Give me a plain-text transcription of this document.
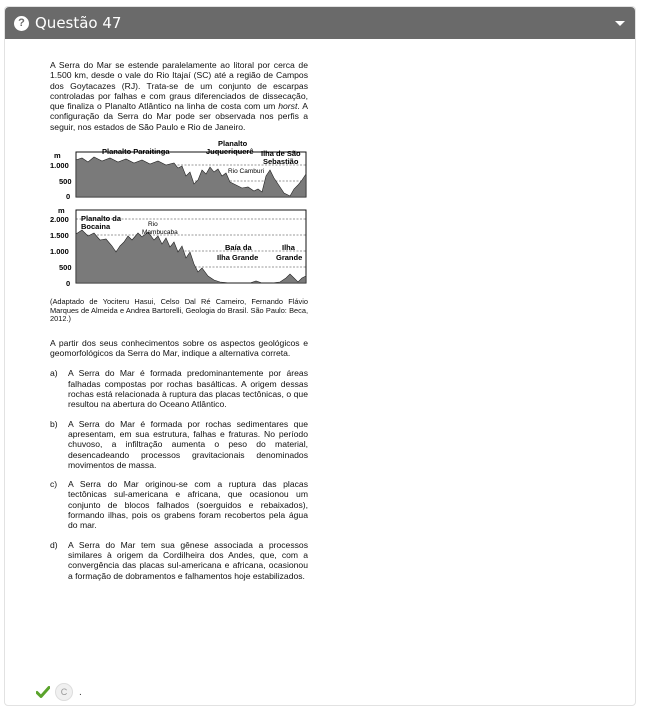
? Questão 47

A Serra do Mar se estende paralelamente ao litoral por cerca de 1.500 km, desde o vale do Rio Itajaí (SC) até a região de Campos dos Goytacazes (RJ). Trata-se de um conjunto de escarpas controladas por falhas e com graus diferenciados de dissecação, que finaliza o Planalto Atlântico na linha de costa com um horst. A configuração da Serra do Mar pode ser observada nos perfis a seguir, nos estados de São Paulo e Rio de Janeiro.

m
1.000
500
0
Planalto Paraitinga
Planalto
Juqueriquerê Ilha de São
Sebastião
Rio Camburi
m
2.000
1.500
1.000
500
0
Planalto da
Bocaina	Rio
Mambucaba
Baía da
Ilha Grande
Ilha
Grande

(Adaptado de Yociteru Hasui, Celso Dal Ré Carneiro, Fernando Flávio Marques de Almeida e Andrea Bartorelli, Geologia do Brasil. São Paulo: Beca, 2012.)

A partir dos seus conhecimentos sobre os aspectos geológicos e geomorfológicos da Serra do Mar, indique a alternativa correta.

a)	A Serra do Mar é formada predominantemente por áreas falhadas compostas por rochas basálticas. A origem dessas rochas está relacionada à ruptura das placas tectônicas, o que resultou na abertura do Oceano Atlântico.
b)	A Serra do Mar é formada por rochas sedimentares que apresentam, em sua estrutura, falhas e fraturas. No período chuvoso, a infiltração aumenta o peso do material, desencadeando processos gravitacionais denominados movimentos de massa.
c)	A Serra do Mar originou-se com a ruptura das placas tectônicas sul-americana e africana, que ocasionou um conjunto de blocos falhados (soerguidos e rebaixados), formando ilhas, pois os grabens foram recobertos pela água do mar.
d)	A Serra do Mar tem sua gênese associada a processos similares à origem da Cordilheira dos Andes, que, com a convergência das placas sul-americana e africana, ocasionou a formação de dobramentos e falhamentos hoje estabilizados.
C	.
